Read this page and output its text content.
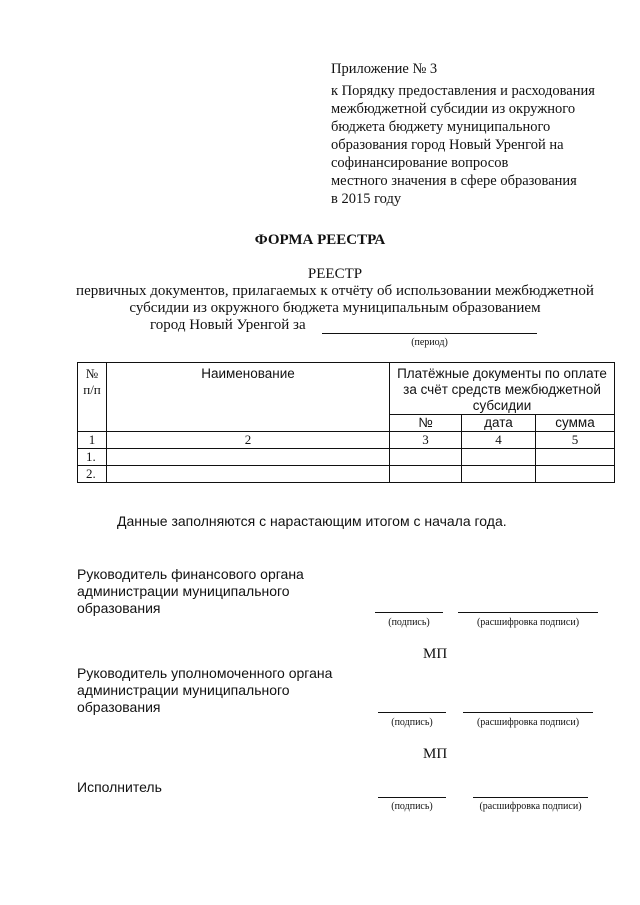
Приложение № 3
к Порядку предоставления и расходования
межбюджетной субсидии из окружного
бюджета бюджету муниципального
образования город Новый Уренгой на
софинансирование вопросов
местного значения в сфере образования
в 2015 году
ФОРМА РЕЕСТРА
РЕЕСТР
первичных документов, прилагаемых к отчёту об использовании межбюджетной
субсидии из окружного бюджета муниципальным образованием
город Новый Уренгой за
(период)
№
п/п	Наименование	Платёжные документы по оплате за счёт средств межбюджетной субсидии		
		№	дата	сумма
1	2	3	4	5
1.				
2.				
Данные заполняются с нарастающим итогом с начала года.
Руководитель финансового органа
администрации муниципального
образования
(подпись)	(расшифровка подписи)
МП
Руководитель уполномоченного органа
администрации муниципального
образования
(подпись)	(расшифровка подписи)
МП
Исполнитель
(подпись)	(расшифровка подписи)
